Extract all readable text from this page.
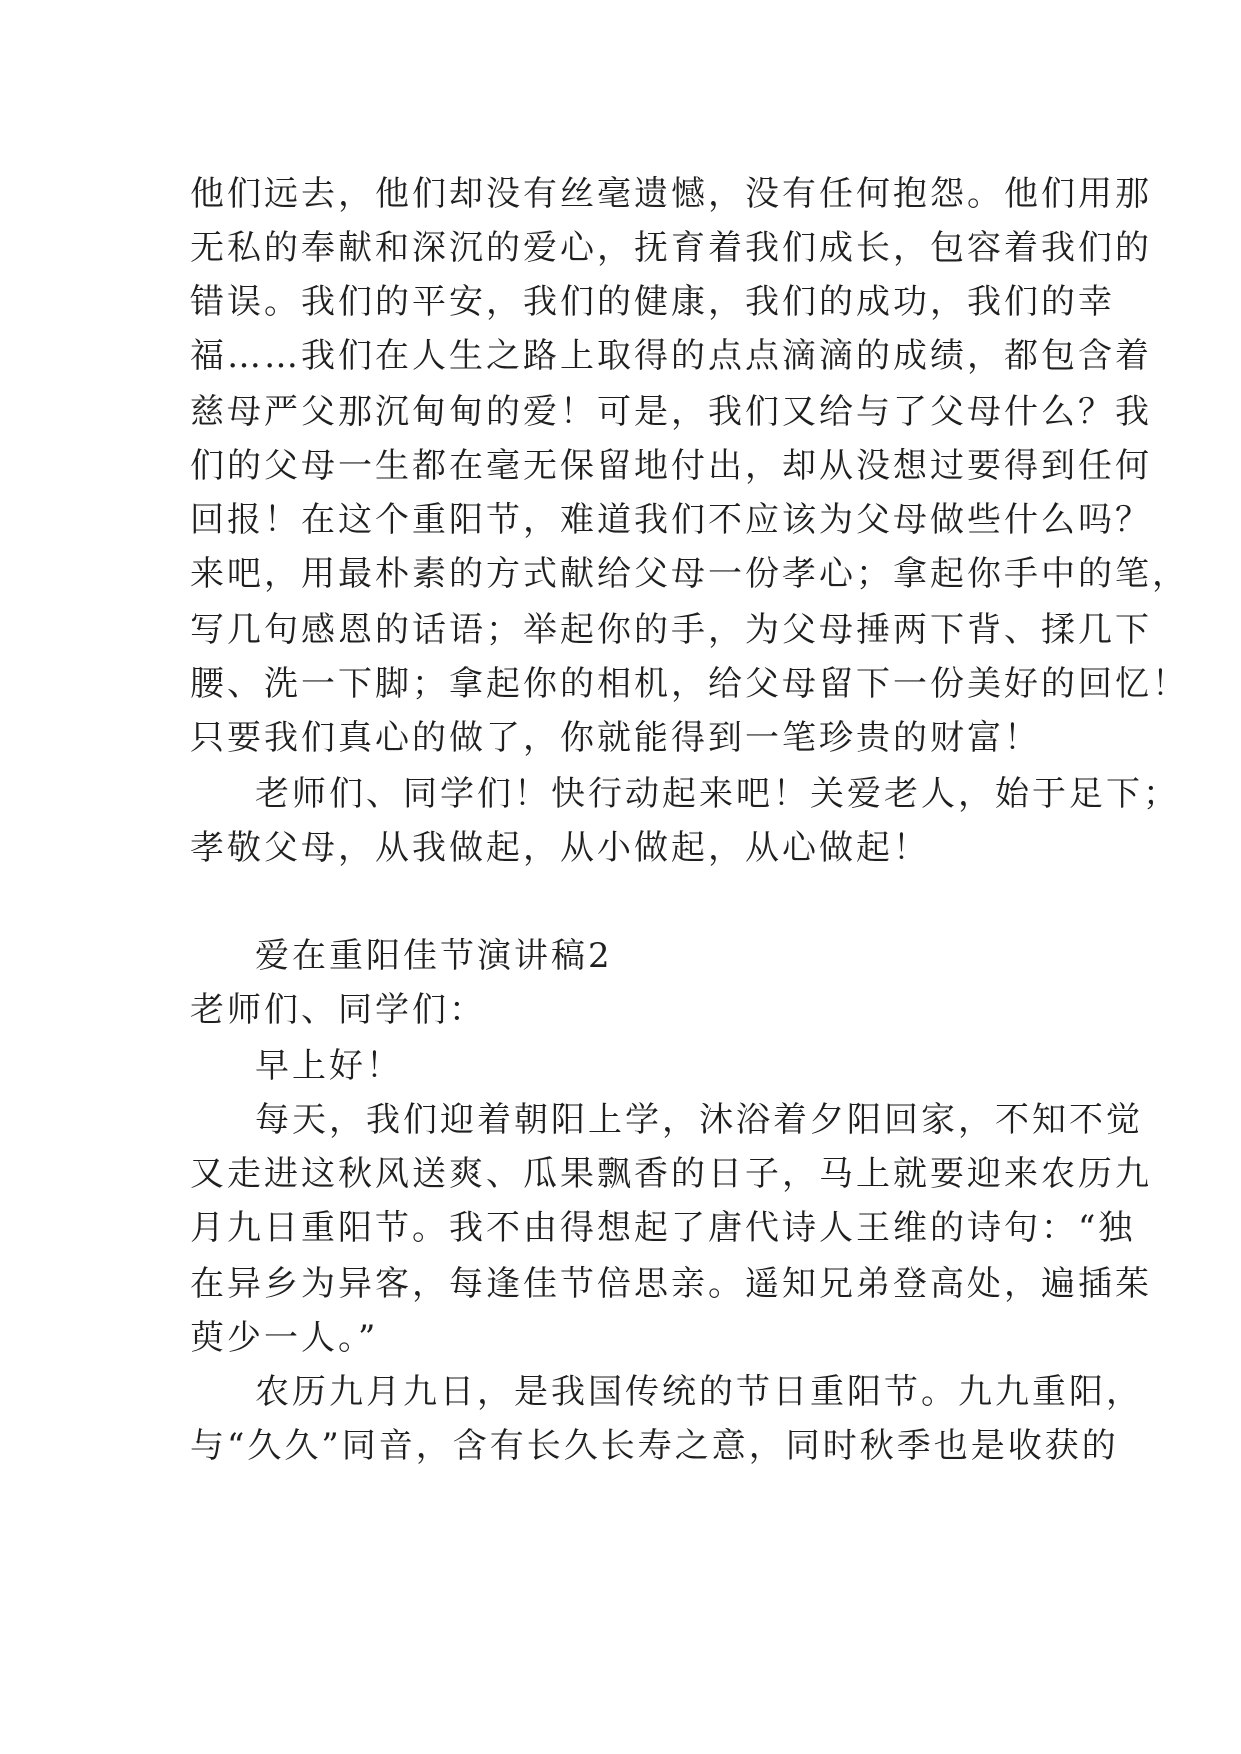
他们远去，他们却没有丝毫遗憾，没有任何抱怨。他们用那
无私的奉献和深沉的爱心，抚育着我们成长，包容着我们的
错误。我们的平安，我们的健康，我们的成功，我们的幸
福……我们在人生之路上取得的点点滴滴的成绩，都包含着
慈母严父那沉甸甸的爱！可是，我们又给与了父母什么？我
们的父母一生都在毫无保留地付出，却从没想过要得到任何
回报！在这个重阳节，难道我们不应该为父母做些什么吗？
来吧，用最朴素的方式献给父母一份孝心；拿起你手中的笔，
写几句感恩的话语；举起你的手，为父母捶两下背、揉几下
腰、洗一下脚；拿起你的相机，给父母留下一份美好的回忆！
只要我们真心的做了，你就能得到一笔珍贵的财富！
老师们、同学们！快行动起来吧！关爱老人，始于足下；
孝敬父母，从我做起，从小做起，从心做起！
爱在重阳佳节演讲稿2
老师们、同学们：
早上好！
每天，我们迎着朝阳上学，沐浴着夕阳回家，不知不觉
又走进这秋风送爽、瓜果飘香的日子，马上就要迎来农历九
月九日重阳节。我不由得想起了唐代诗人王维的诗句：“独
在异乡为异客，每逢佳节倍思亲。遥知兄弟登高处，遍插茱
萸少一人。”
农历九月九日，是我国传统的节日重阳节。九九重阳，
与“久久”同音，含有长久长寿之意，同时秋季也是收获的
